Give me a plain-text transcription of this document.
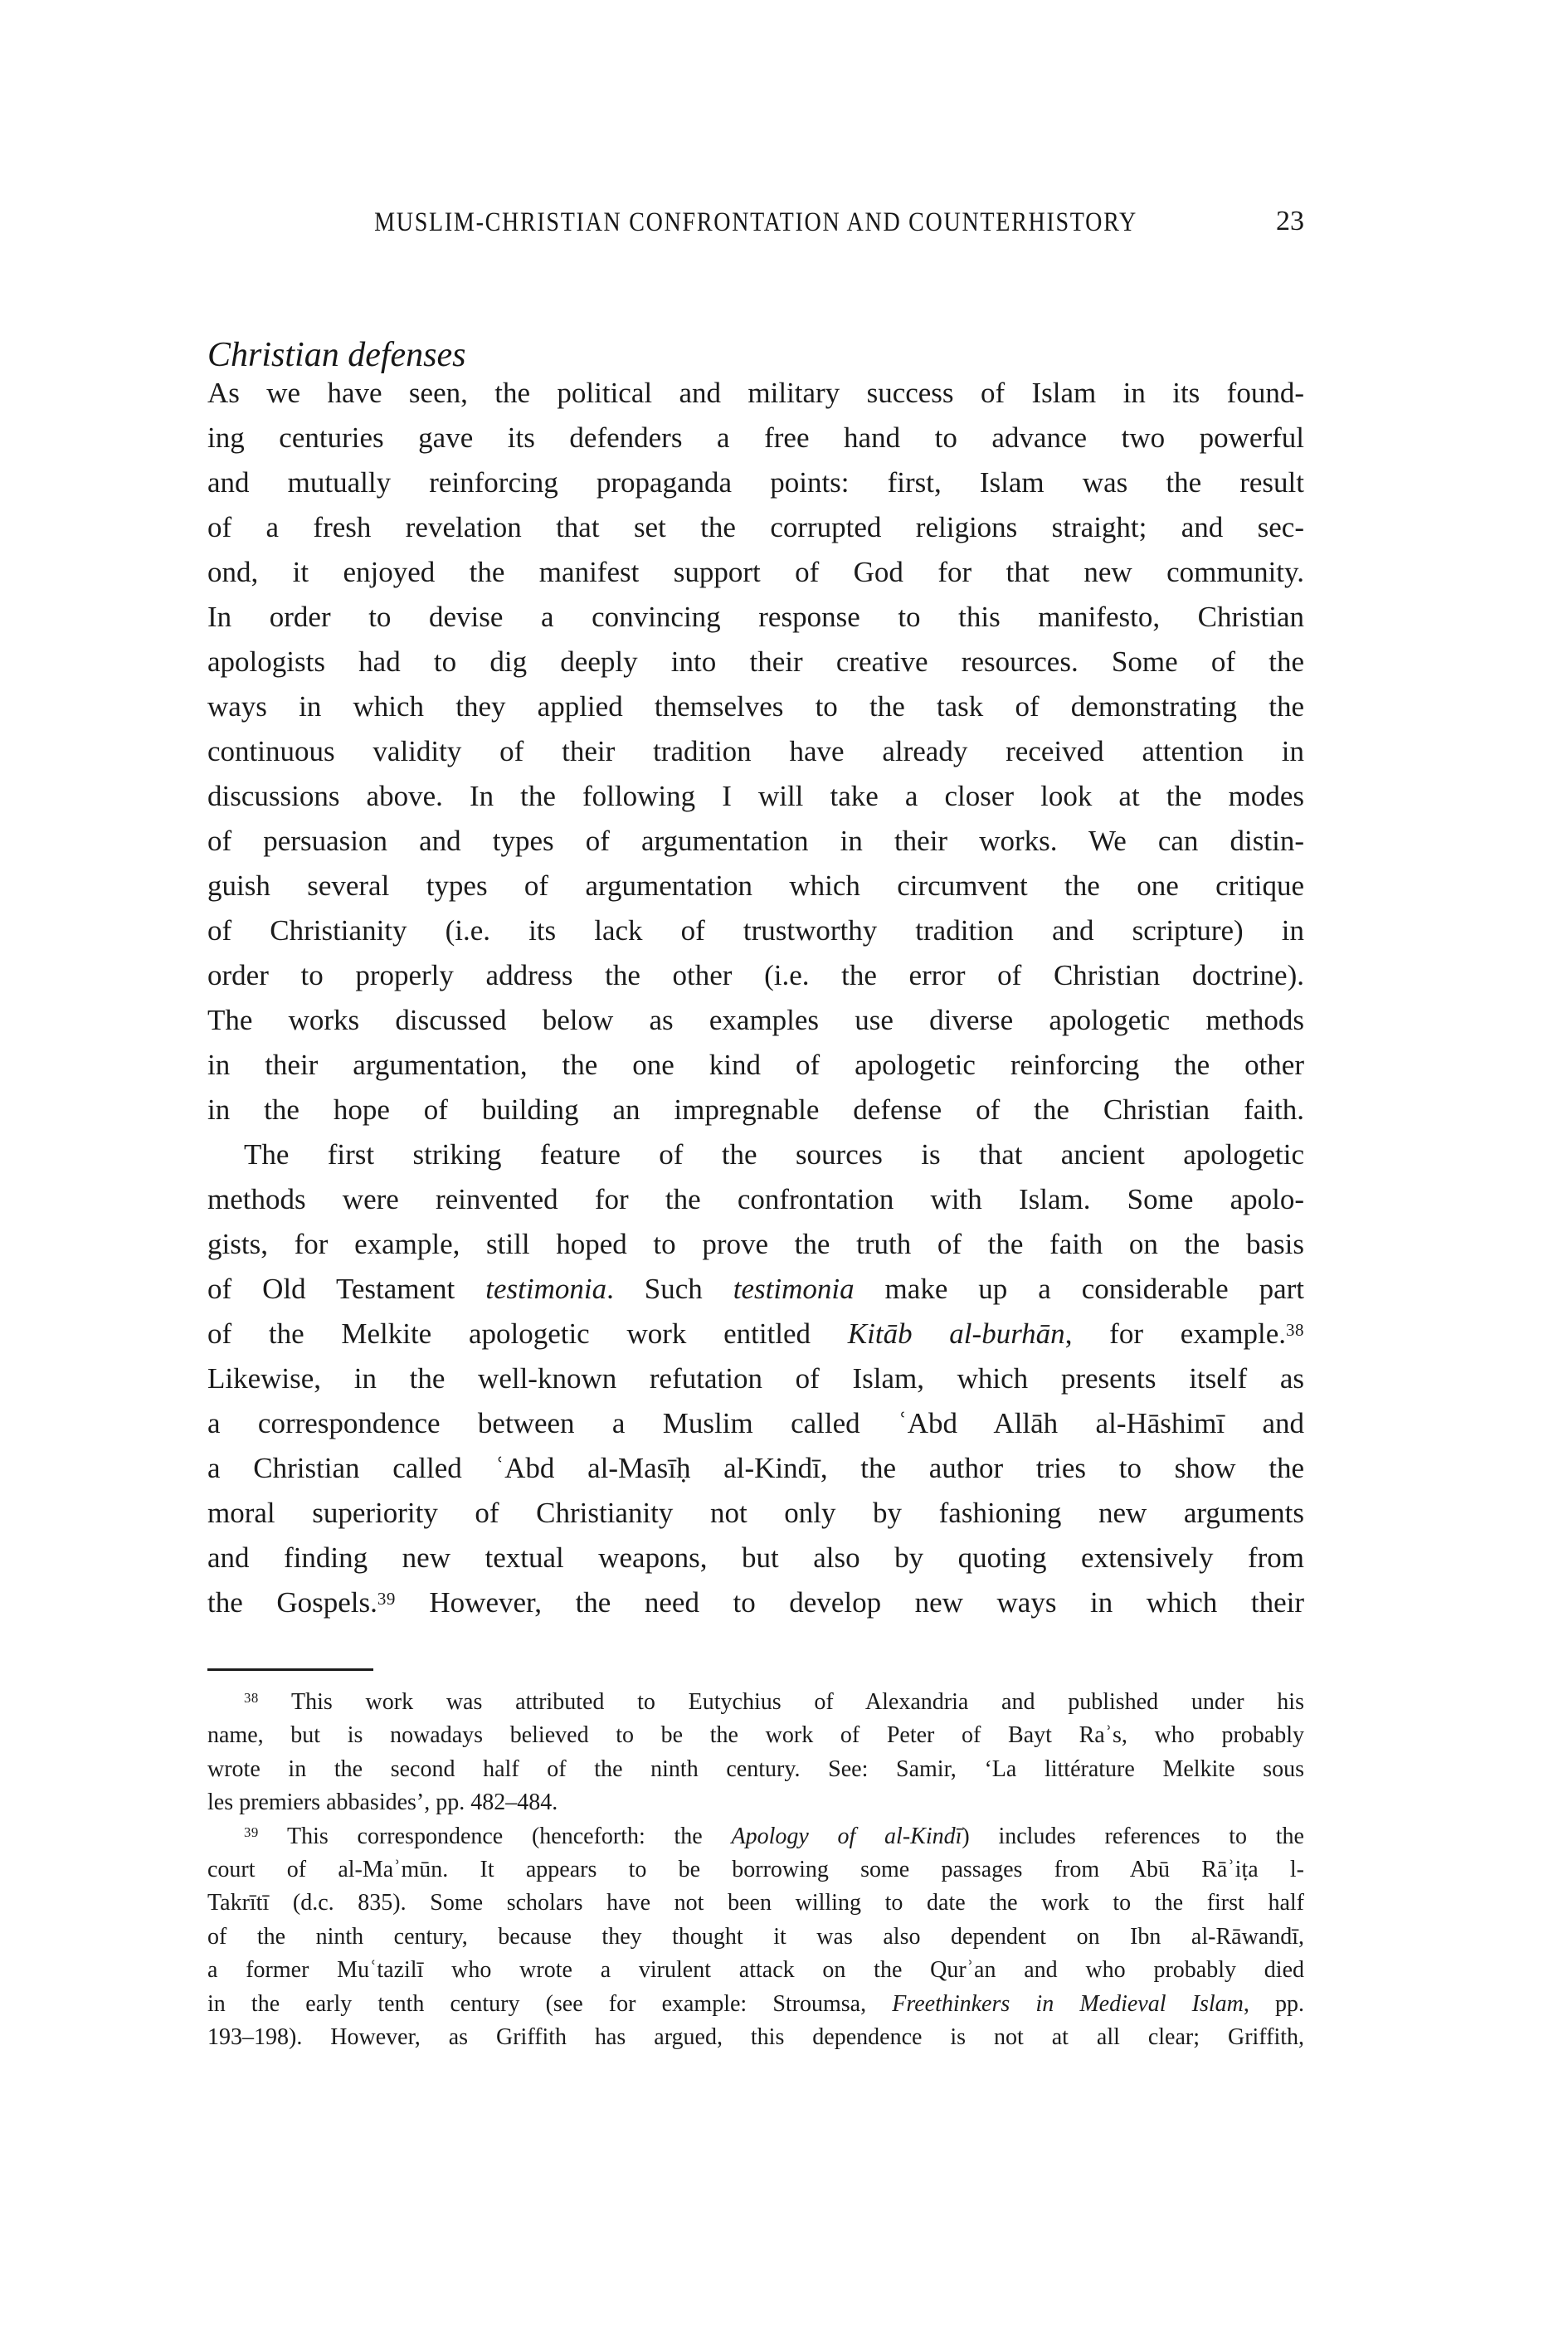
MUSLIM-CHRISTIAN CONFRONTATION AND COUNTERHISTORY	23
Christian defenses
As we have seen, the political and military success of Islam in its found-
ing centuries gave its defenders a free hand to advance two powerful
and mutually reinforcing propaganda points: first, Islam was the result
of a fresh revelation that set the corrupted religions straight; and sec-
ond, it enjoyed the manifest support of God for that new community.
In order to devise a convincing response to this manifesto, Christian
apologists had to dig deeply into their creative resources. Some of the
ways in which they applied themselves to the task of demonstrating the
continuous validity of their tradition have already received attention in
discussions above. In the following I will take a closer look at the modes
of persuasion and types of argumentation in their works. We can distin-
guish several types of argumentation which circumvent the one critique
of Christianity (i.e. its lack of trustworthy tradition and scripture) in
order to properly address the other (i.e. the error of Christian doctrine).
The works discussed below as examples use diverse apologetic methods
in their argumentation, the one kind of apologetic reinforcing the other
in the hope of building an impregnable defense of the Christian faith.
The first striking feature of the sources is that ancient apologetic
methods were reinvented for the confrontation with Islam. Some apolo-
gists, for example, still hoped to prove the truth of the faith on the basis
of Old Testament testimonia. Such testimonia make up a considerable part
of the Melkite apologetic work entitled Kitāb al-burhān, for example.$^{38}$
Likewise, in the well-known refutation of Islam, which presents itself as
a correspondence between a Muslim called ʿAbd Allāh al-Hāshimī and
a Christian called ʿAbd al-Masīḥ al-Kindī, the author tries to show the
moral superiority of Christianity not only by fashioning new arguments
and finding new textual weapons, but also by quoting extensively from
the Gospels.$^{39}$ However, the need to develop new ways in which their
$^{38}$ This work was attributed to Eutychius of Alexandria and published under his
name, but is nowadays believed to be the work of Peter of Bayt Raʾs, who probably
wrote in the second half of the ninth century. See: Samir, ‘La littérature Melkite sous
les premiers abbasides’, pp. 482–484.
$^{39}$ This correspondence (henceforth: the Apology of al-Kindī) includes references to the
court of al-Maʾmūn. It appears to be borrowing some passages from Abū Rāʾiṭa l-
Takrītī (d.c. 835). Some scholars have not been willing to date the work to the first half
of the ninth century, because they thought it was also dependent on Ibn al-Rāwandī,
a former Muʿtazilī who wrote a virulent attack on the Qurʾan and who probably died
in the early tenth century (see for example: Stroumsa, Freethinkers in Medieval Islam, pp.
193–198). However, as Griffith has argued, this dependence is not at all clear; Griffith,
